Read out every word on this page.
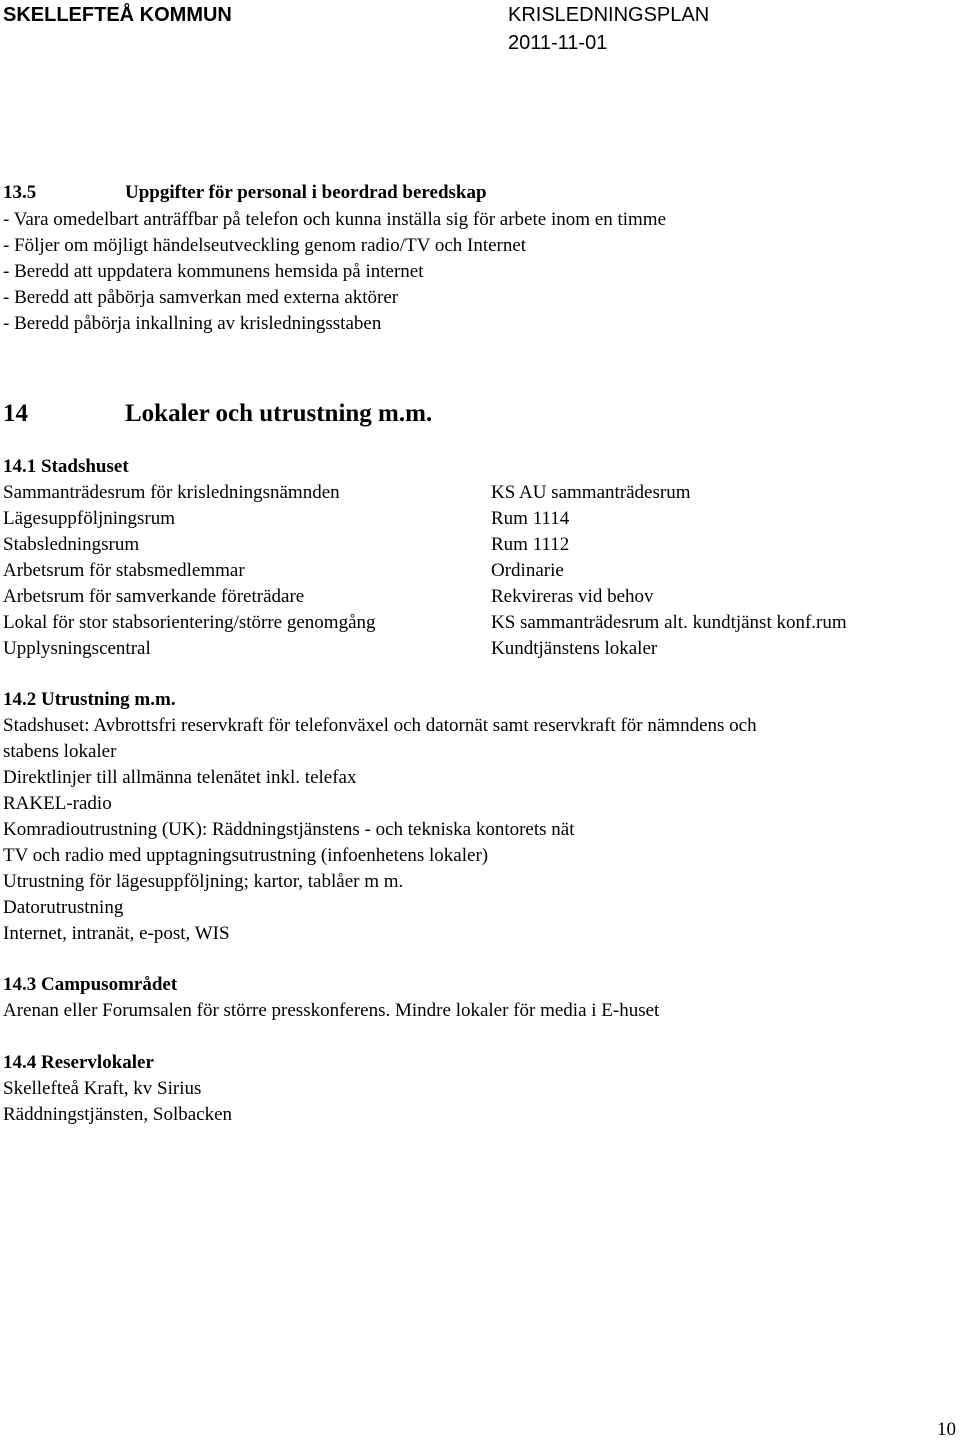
SKELLEFTEÅ KOMMUN	KRISLEDNINGSPLAN
2011-11-01
13.5	Uppgifter för personal i beordrad beredskap
- Vara omedelbart anträffbar på telefon och kunna inställa sig för arbete inom en timme
- Följer om möjligt händelseutveckling genom radio/TV och Internet
- Beredd att uppdatera kommunens hemsida på internet
- Beredd att påbörja samverkan med externa aktörer
- Beredd påbörja inkallning av krisledningsstaben
14	Lokaler och utrustning m.m.
14.1 Stadshuset
Sammanträdesrum för krisledningsnämnden	KS AU sammanträdesrum
Lägesuppföljningsrum	Rum 1114
Stabsledningsrum	Rum 1112
Arbetsrum för stabsmedlemmar	Ordinarie
Arbetsrum för samverkande företrädare	Rekvireras vid behov
Lokal för stor stabsorientering/större genomgång	KS sammanträdesrum alt. kundtjänst konf.rum
Upplysningscentral	Kundtjänstens lokaler
14.2 Utrustning m.m.
Stadshuset: Avbrottsfri reservkraft för telefonväxel och datornät samt reservkraft för nämndens och
stabens lokaler
Direktlinjer till allmänna telenätet inkl. telefax
RAKEL-radio
Komradioutrustning (UK): Räddningstjänstens - och tekniska kontorets nät
TV och radio med upptagningsutrustning (infoenhetens lokaler)
Utrustning för lägesuppföljning; kartor, tablåer m m.
Datorutrustning
Internet, intranät, e-post, WIS
14.3 Campusområdet
Arenan eller Forumsalen för större presskonferens. Mindre lokaler för media i E-huset
14.4 Reservlokaler
Skellefteå Kraft, kv Sirius
Räddningstjänsten, Solbacken
10
